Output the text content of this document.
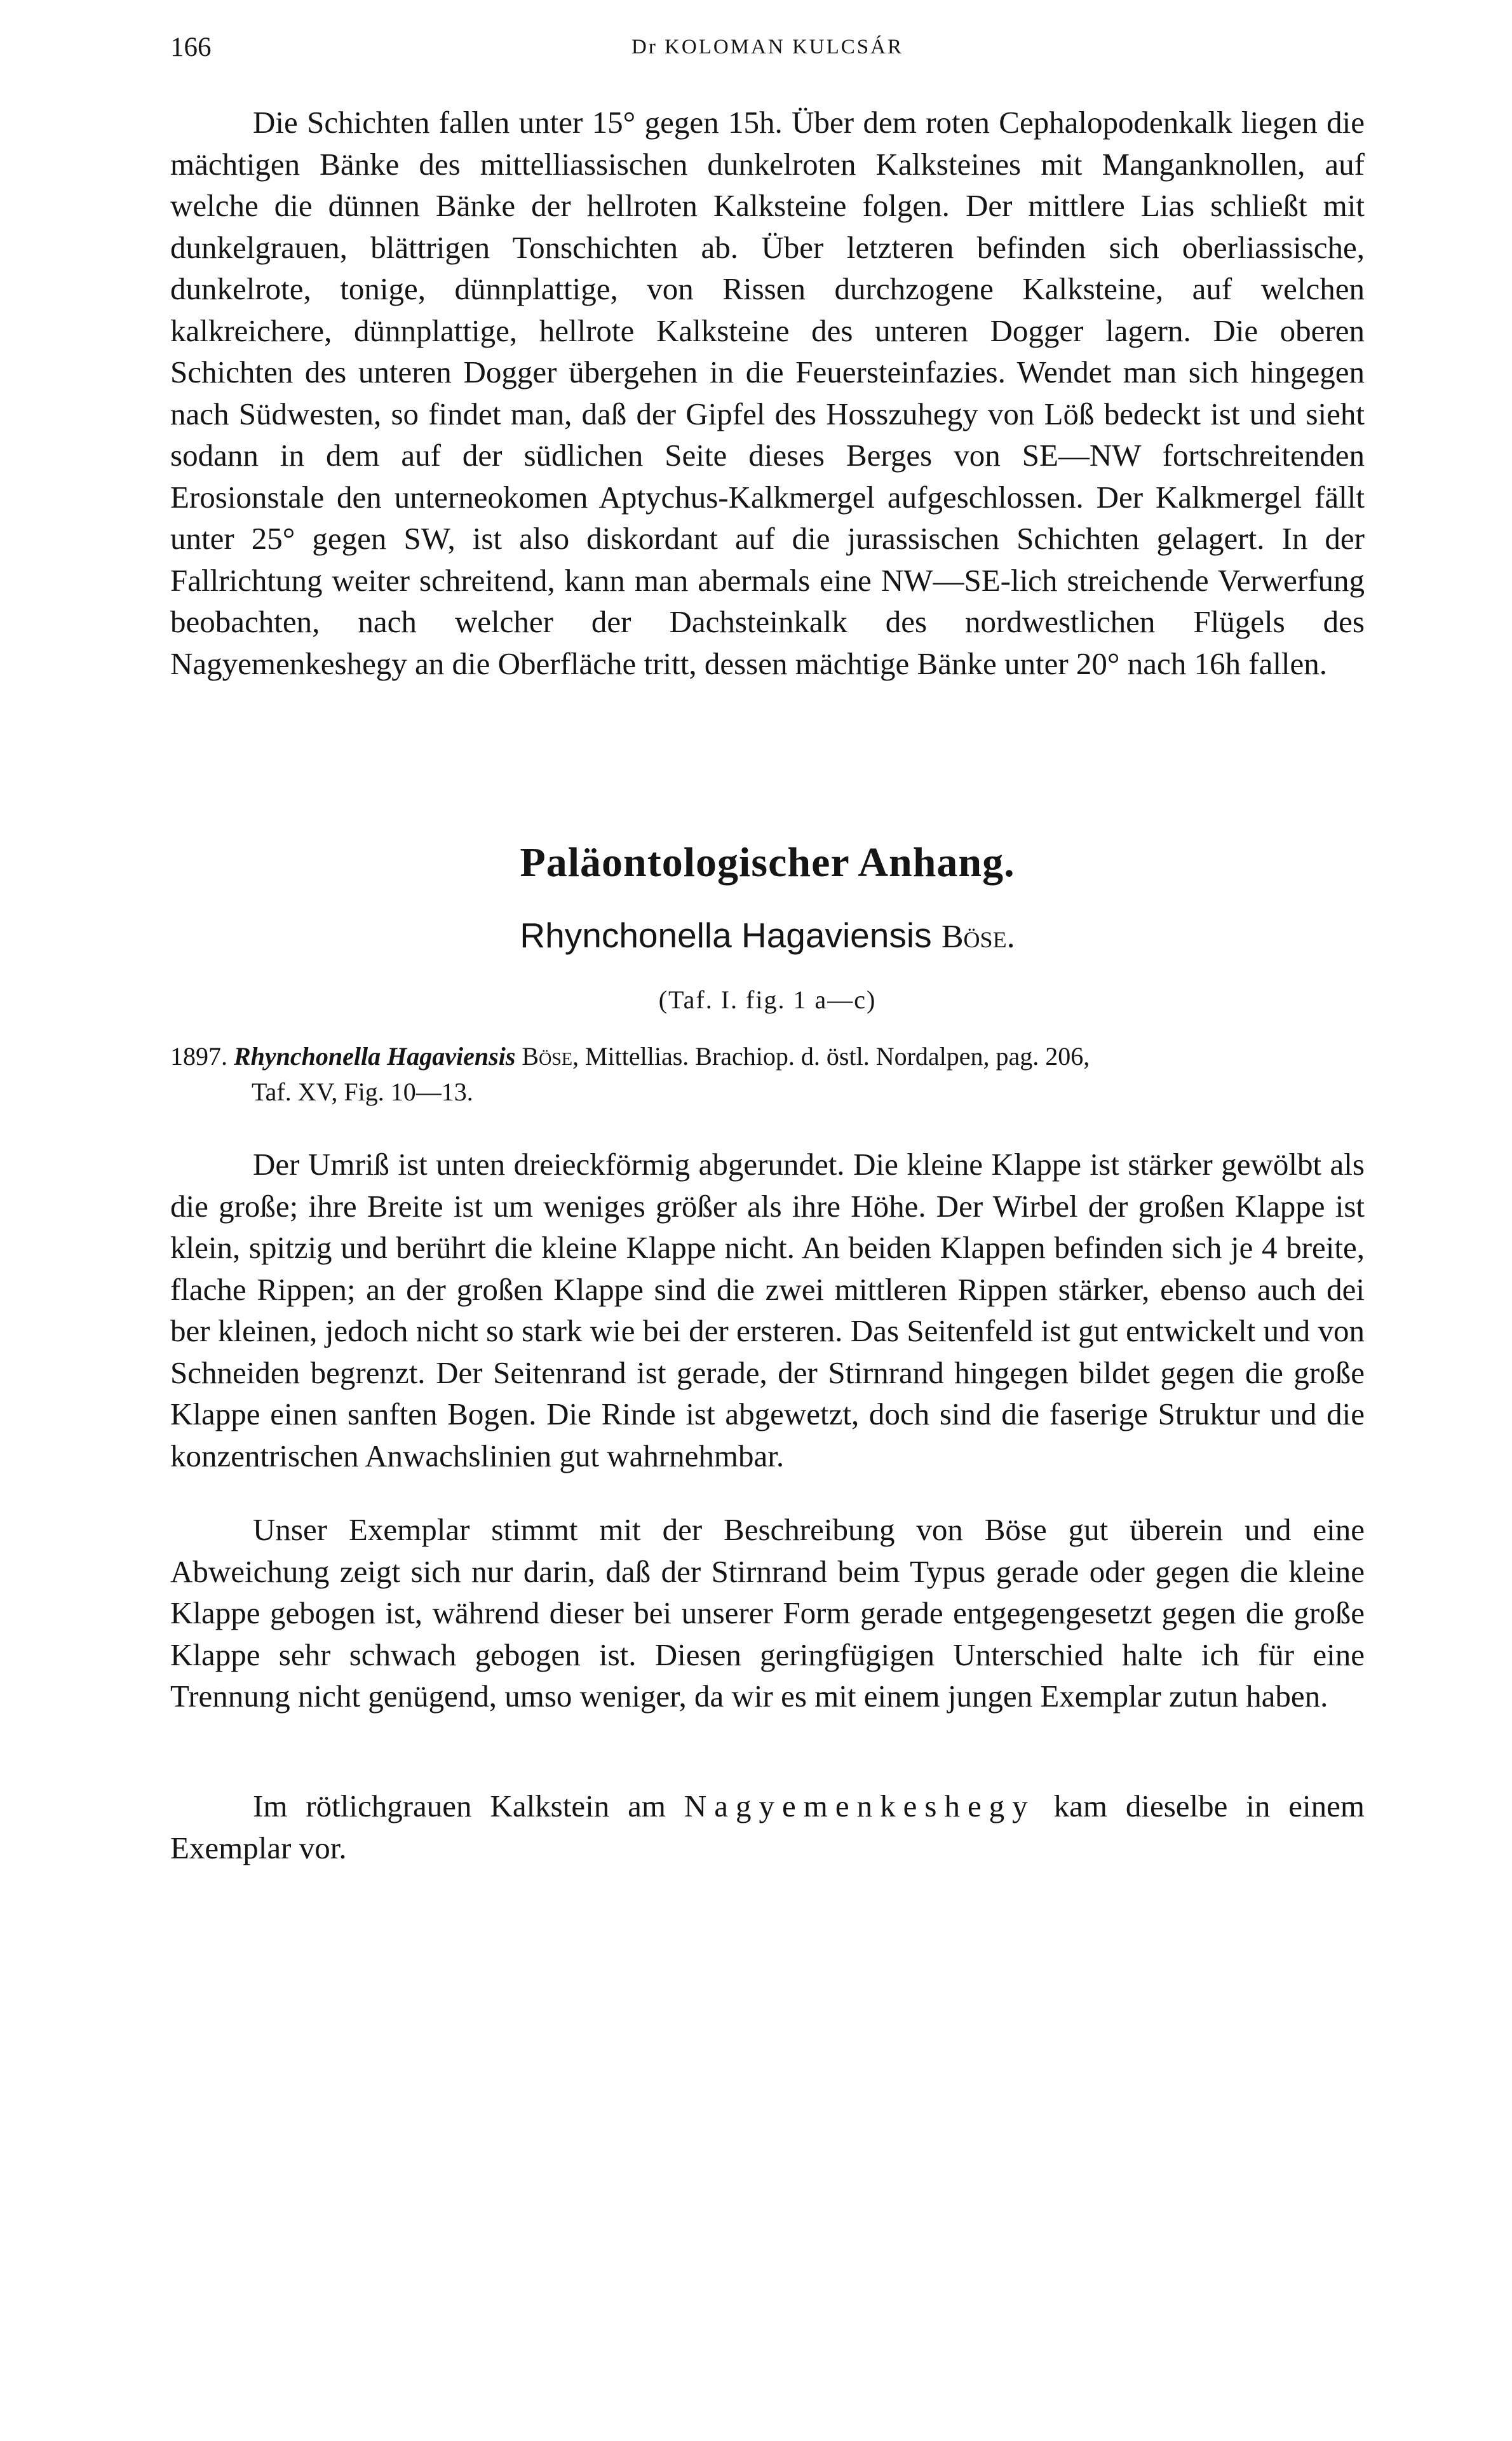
166	Dr KOLOMAN KULCSÁR
Die Schichten fallen unter 15° gegen 15h. Über dem roten Cephalopodenkalk liegen die mächtigen Bänke des mittelliassischen dunkelroten Kalksteines mit Manganknollen, auf welche die dünnen Bänke der hellroten Kalksteine folgen. Der mittlere Lias schließt mit dunkelgrauen, blättrigen Tonschichten ab. Über letzteren befinden sich oberliassische, dunkelrote, tonige, dünnplattige, von Rissen durchzogene Kalksteine, auf welchen kalkreichere, dünnplattige, hellrote Kalksteine des unteren Dogger lagern. Die oberen Schichten des unteren Dogger übergehen in die Feuersteinfazies. Wendet man sich hingegen nach Südwesten, so findet man, daß der Gipfel des Hosszuhegy von Löß bedeckt ist und sieht sodann in dem auf der südlichen Seite dieses Berges von SE—NW fortschreitenden Erosionstale den unterneokomen Aptychus-Kalkmergel aufgeschlossen. Der Kalkmergel fällt unter 25° gegen SW, ist also diskordant auf die jurassischen Schichten gelagert. In der Fallrichtung weiter schreitend, kann man abermals eine NW—SE-lich streichende Verwerfung beobachten, nach welcher der Dachsteinkalk des nordwestlichen Flügels des Nagyemenkeshegy an die Oberfläche tritt, dessen mächtige Bänke unter 20° nach 16h fallen.
Paläontologischer Anhang.
Rhynchonella Hagaviensis Böse.
(Taf. I. fig. 1 a—c)
1897. Rhynchonella Hagaviensis Böse, Mittellias. Brachiop. d. östl. Nordalpen, pag. 206,
Taf. XV, Fig. 10—13.
Der Umriß ist unten dreieckförmig abgerundet. Die kleine Klappe ist stärker gewölbt als die große; ihre Breite ist um weniges größer als ihre Höhe. Der Wirbel der großen Klappe ist klein, spitzig und berührt die kleine Klappe nicht. An beiden Klappen befinden sich je 4 breite, flache Rippen; an der großen Klappe sind die zwei mittleren Rippen stärker, ebenso auch dei ber kleinen, jedoch nicht so stark wie bei der ersteren. Das Seitenfeld ist gut entwickelt und von Schneiden begrenzt. Der Seitenrand ist gerade, der Stirnrand hingegen bildet gegen die große Klappe einen sanften Bogen. Die Rinde ist abgewetzt, doch sind die faserige Struktur und die konzentrischen Anwachslinien gut wahrnehmbar.
Unser Exemplar stimmt mit der Beschreibung von Böse gut überein und eine Abweichung zeigt sich nur darin, daß der Stirnrand beim Typus gerade oder gegen die kleine Klappe gebogen ist, während dieser bei unserer Form gerade entgegengesetzt gegen die große Klappe sehr schwach gebogen ist. Diesen geringfügigen Unterschied halte ich für eine Trennung nicht genügend, umso weniger, da wir es mit einem jungen Exemplar zutun haben.
Im rötlichgrauen Kalkstein am Nagyemenkeshegy kam dieselbe in einem Exemplar vor.
